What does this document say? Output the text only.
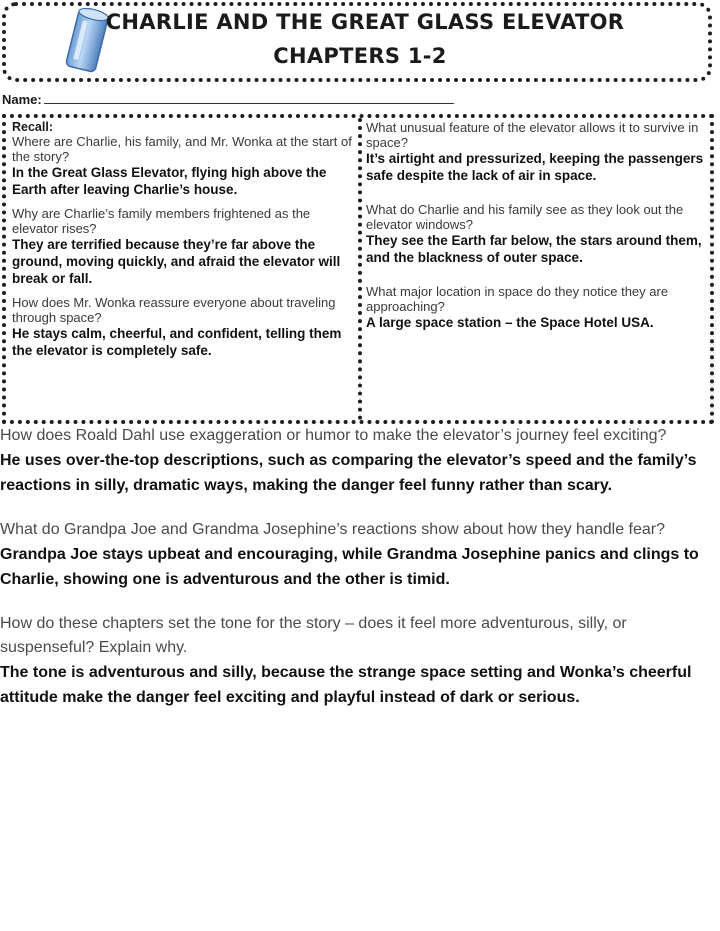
CHARLIE AND THE GREAT GLASS ELEVATOR
CHAPTERS 1-2
Name:
Recall:
Where are Charlie, his family, and Mr. Wonka at the start of the story?
In the Great Glass Elevator, flying high above the Earth after leaving Charlie’s house.
Why are Charlie’s family members frightened as the elevator rises?
They are terrified because they’re far above the ground, moving quickly, and afraid the elevator will break or fall.
How does Mr. Wonka reassure everyone about traveling through space?
He stays calm, cheerful, and confident, telling them the elevator is completely safe.
What unusual feature of the elevator allows it to survive in space?
It’s airtight and pressurized, keeping the passengers safe despite the lack of air in space.
What do Charlie and his family see as they look out the elevator windows?
They see the Earth far below, the stars around them, and the blackness of outer space.
What major location in space do they notice they are approaching?
A large space station – the Space Hotel USA.
How does Roald Dahl use exaggeration or humor to make the elevator’s journey feel exciting?
He uses over-the-top descriptions, such as comparing the elevator’s speed and the family’s reactions in silly, dramatic ways, making the danger feel funny rather than scary.
What do Grandpa Joe and Grandma Josephine’s reactions show about how they handle fear?
Grandpa Joe stays upbeat and encouraging, while Grandma Josephine panics and clings to Charlie, showing one is adventurous and the other is timid.
How do these chapters set the tone for the story – does it feel more adventurous, silly, or suspenseful? Explain why.
The tone is adventurous and silly, because the strange space setting and Wonka’s cheerful attitude make the danger feel exciting and playful instead of dark or serious.
